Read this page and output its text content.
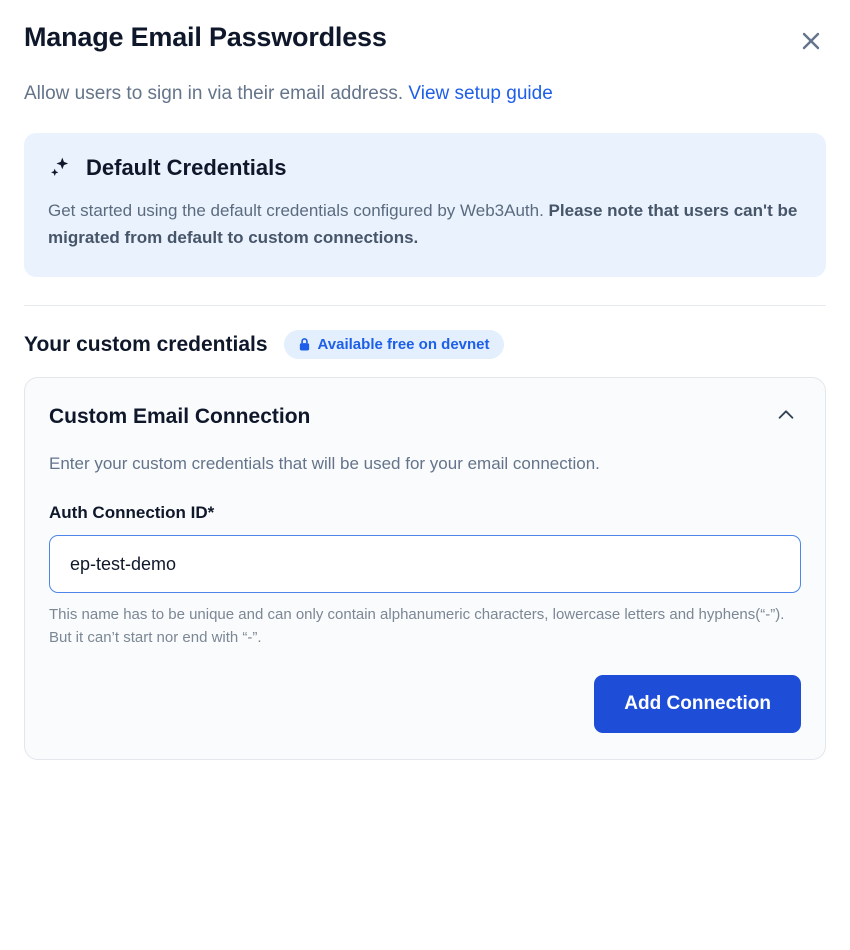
Manage Email Passwordless
Allow users to sign in via their email address. View setup guide
Default Credentials
Get started using the default credentials configured by Web3Auth. Please note that users can't be migrated from default to custom connections.
Your custom credentials	Available free on devnet
Custom Email Connection
Enter your custom credentials that will be used for your email connection.
Auth Connection ID*
ep-test-demo
This name has to be unique and can only contain alphanumeric characters, lowercase letters and hyphens(“-”). But it can’t start nor end with “-”.
Add Connection
